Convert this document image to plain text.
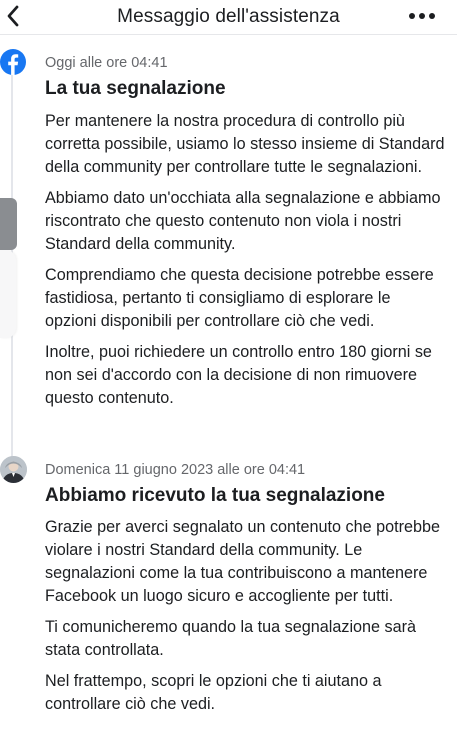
Messaggio dell'assistenza
Oggi alle ore 04:41
La tua segnalazione

Per mantenere la nostra procedura di controllo più corretta possibile, usiamo lo stesso insieme di Standard della community per controllare tutte le segnalazioni.

Abbiamo dato un'occhiata alla segnalazione e abbiamo riscontrato che questo contenuto non viola i nostri Standard della community.

Comprendiamo che questa decisione potrebbe essere fastidiosa, pertanto ti consigliamo di esplorare le opzioni disponibili per controllare ciò che vedi.

Inoltre, puoi richiedere un controllo entro 180 giorni se non sei d'accordo con la decisione di non rimuovere questo contenuto.

Domenica 11 giugno 2023 alle ore 04:41
Abbiamo ricevuto la tua segnalazione

Grazie per averci segnalato un contenuto che potrebbe violare i nostri Standard della community. Le segnalazioni come la tua contribuiscono a mantenere Facebook un luogo sicuro e accogliente per tutti.

Ti comunicheremo quando la tua segnalazione sarà stata controllata.

Nel frattempo, scopri le opzioni che ti aiutano a controllare ciò che vedi.
